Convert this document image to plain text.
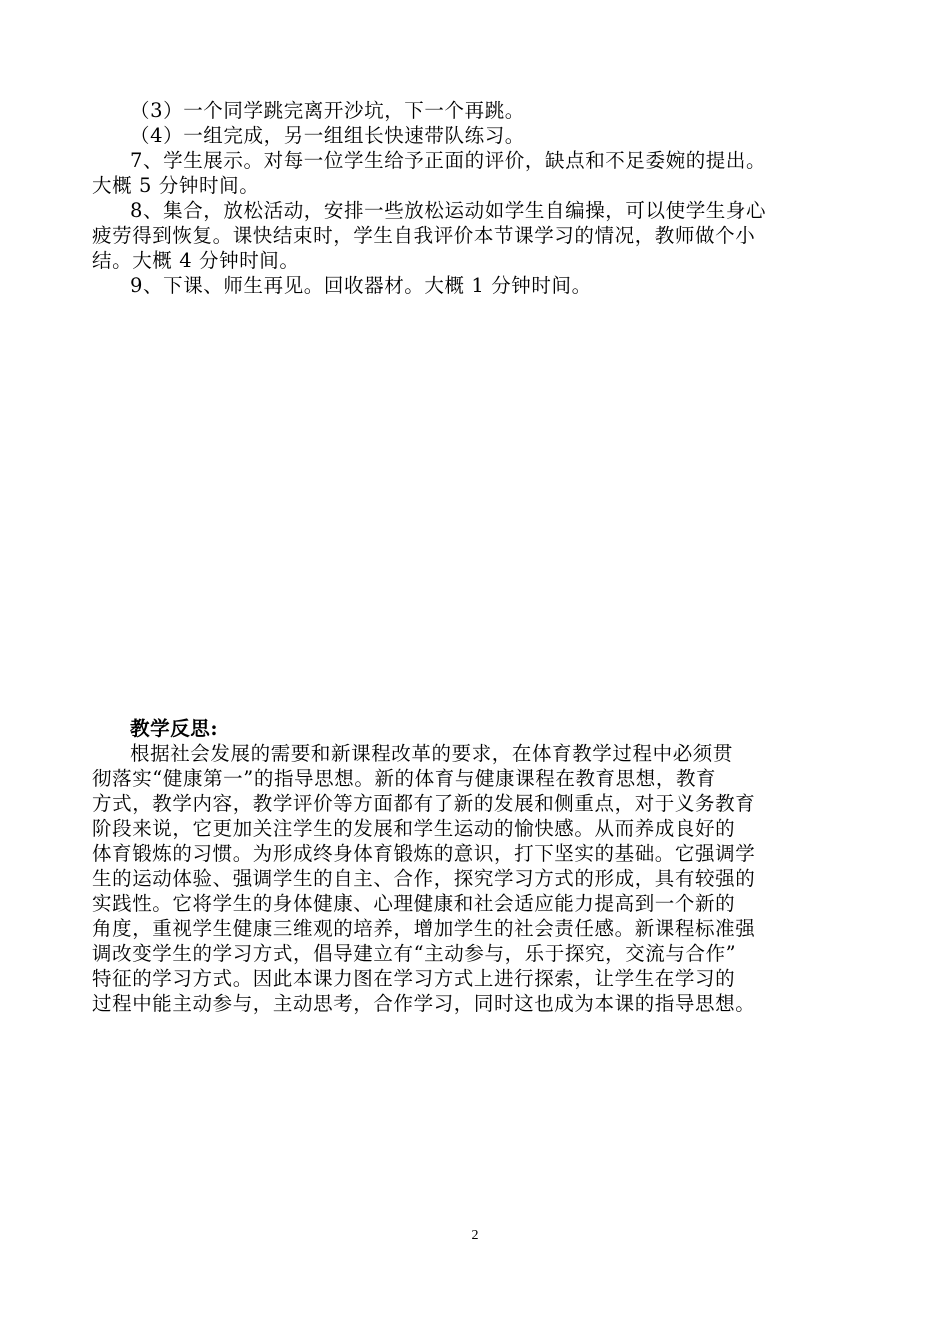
（3）一个同学跳完离开沙坑，下一个再跳。
（4）一组完成，另一组组长快速带队练习。
7、学生展示。对每一位学生给予正面的评价，缺点和不足委婉的提出。
大概 5 分钟时间。
8、集合，放松活动，安排一些放松运动如学生自编操，可以使学生身心
疲劳得到恢复。课快结束时，学生自我评价本节课学习的情况，教师做个小
结。大概 4 分钟时间。
9、下课、师生再见。回收器材。大概 1 分钟时间。
教学反思:
根据社会发展的需要和新课程改革的要求，在体育教学过程中必须贯
彻落实“健康第一”的指导思想。新的体育与健康课程在教育思想，教育
方式，教学内容，教学评价等方面都有了新的发展和侧重点，对于义务教育
阶段来说，它更加关注学生的发展和学生运动的愉快感。从而养成良好的
体育锻炼的习惯。为形成终身体育锻炼的意识，打下坚实的基础。它强调学
生的运动体验、强调学生的自主、合作，探究学习方式的形成，具有较强的
实践性。它将学生的身体健康、心理健康和社会适应能力提高到一个新的
角度，重视学生健康三维观的培养，增加学生的社会责任感。新课程标准强
调改变学生的学习方式，倡导建立有“主动参与，乐于探究，交流与合作”
特征的学习方式。因此本课力图在学习方式上进行探索，让学生在学习的
过程中能主动参与，主动思考，合作学习，同时这也成为本课的指导思想。
2
